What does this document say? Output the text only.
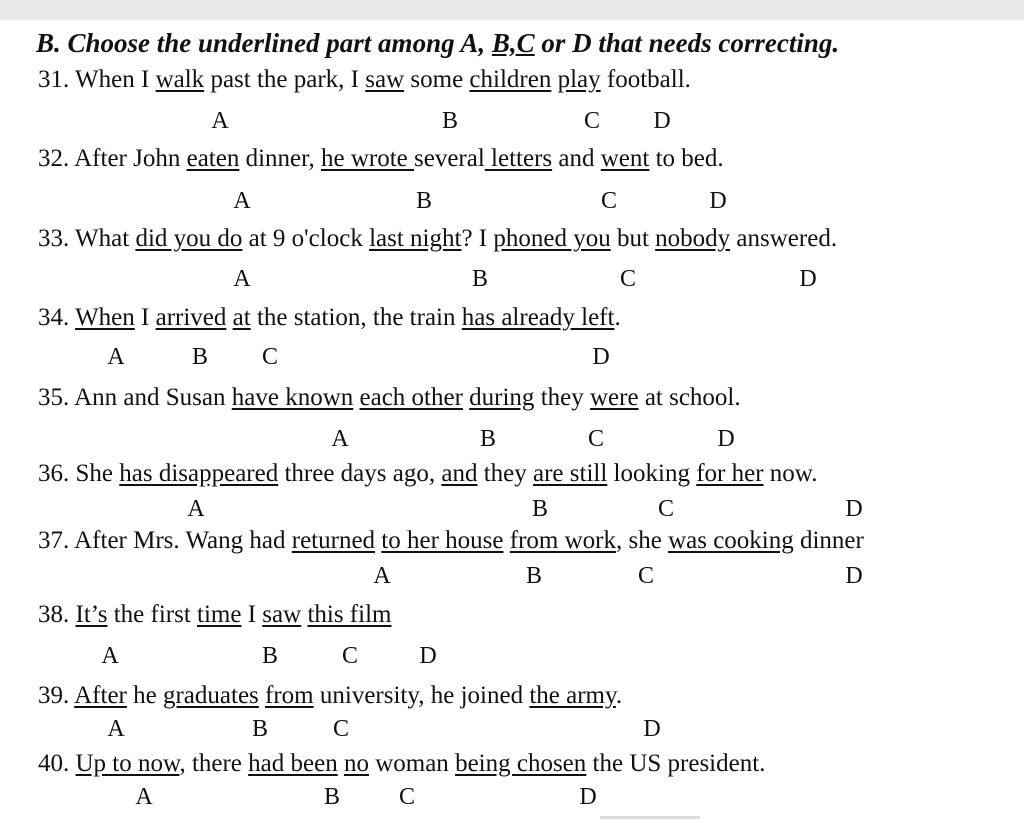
B. Choose the underlined part among A, B,C or D that needs correcting.
31. When I walk past the park, I saw some children play football.
A	B	C D
32. After John eaten dinner, he wrote several letters and went to bed.
A	B	C	D
33. What did you do at 9 o'clock last night? I phoned you but nobody answered.
A	B	C	D
34. When I arrived at the station, the train has already left.
A	B C	D
35. Ann and Susan have known each other during they were at school.
A	B	C	D
36. She has disappeared three days ago, and they are still looking for her now.
A	B	C	D
37. After Mrs. Wang had returned to her house from work, she was cooking dinner
A	B	C	D
38. It’s the first time I saw this film
A	B	C	D
39. After he graduates from university, he joined the army.
A	B	C	D
40. Up to now, there had been no woman being chosen the US president.
A	B C	D
